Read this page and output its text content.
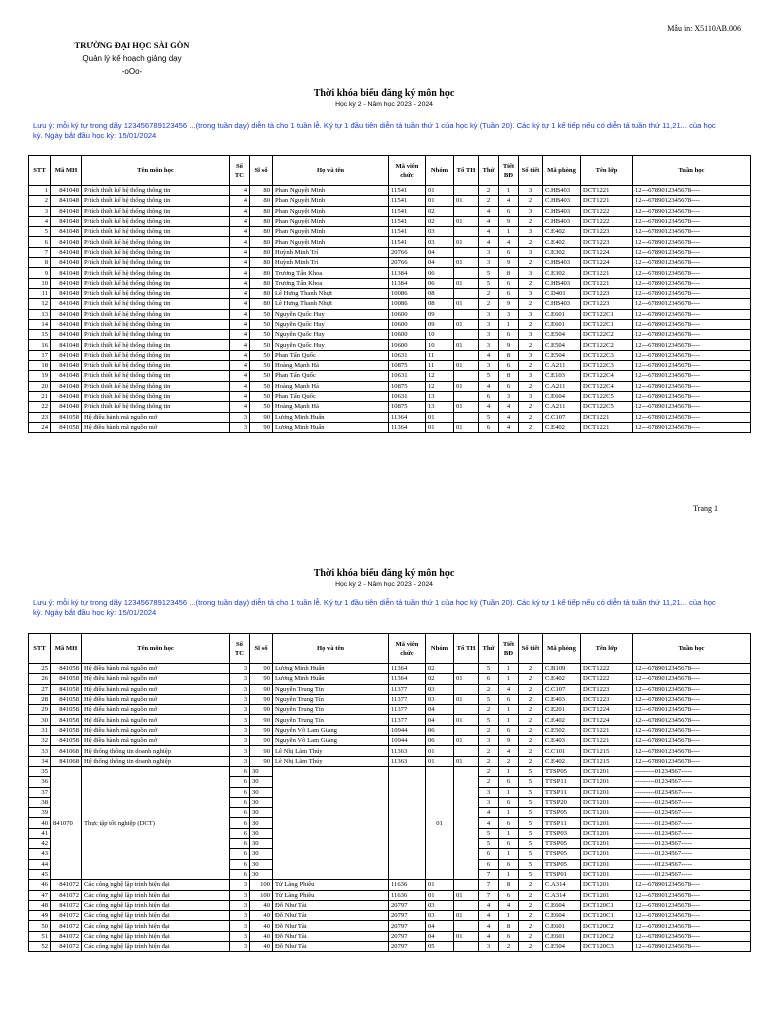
Mẫu in: X5110AB.006
TRƯỜNG ĐẠI HỌC SÀI GÒN
Quản lý kế hoạch giảng dạy
-oOo-
Thời khóa biểu đăng ký môn học
Học kỳ 2 - Năm học 2023 - 2024
Lưu ý: mỗi ký tự trong dãy 123456789123456 ...(trong tuần dạy) diễn tả cho 1 tuần lễ. Ký tự 1 đầu tiên diễn tả tuần thứ 1 của học kỳ (Tuần 20). Các ký tự 1 kế tiếp nếu có diễn tả tuần thứ 11,21... của học
kỳ. Ngày bắt đầu học kỳ: 15/01/2024
STT	Mã MH	Tên môn học	Số TC	Sĩ số	Họ và tên	Mã viên chức	Nhóm	Tổ TH	Thứ	Tiết BĐ	Số tiết	Mã phòng	Tên lớp	Tuần học
1	841048	P/tích thiết kế hệ thống thông tin	4	80	Phan Nguyệt Minh	11541	01		2	1	3	C.HB403	DCT1221	12---6789012345678----
2	841048	P/tích thiết kế hệ thống thông tin	4	80	Phan Nguyệt Minh	11541	01	01	2	4	2	C.HB403	DCT1221	12---6789012345678----
3	841048	P/tích thiết kế hệ thống thông tin	4	80	Phan Nguyệt Minh	11541	02		4	6	3	C.HB403	DCT1222	12---6789012345678----
4	841048	P/tích thiết kế hệ thống thông tin	4	80	Phan Nguyệt Minh	11541	02	01	4	9	2	C.HB403	DCT1222	12---6789012345678----
5	841048	P/tích thiết kế hệ thống thông tin	4	80	Phan Nguyệt Minh	11541	03		4	1	3	C.E402	DCT1223	12---6789012345678----
6	841048	P/tích thiết kế hệ thống thông tin	4	80	Phan Nguyệt Minh	11541	03	01	4	4	2	C.E402	DCT1223	12---6789012345678----
7	841048	P/tích thiết kế hệ thống thông tin	4	80	Huỳnh Minh Trí	20766	04		3	6	3	C.E302	DCT1224	12---6789012345678----
8	841048	P/tích thiết kế hệ thống thông tin	4	80	Huỳnh Minh Trí	20766	04	01	3	9	2	C.HB403	DCT1224	12---6789012345678----
9	841048	P/tích thiết kế hệ thống thông tin	4	80	Trương Tấn Khoa	11384	06		5	8	3	C.E302	DCT1221	12---6789012345678----
10	841048	P/tích thiết kế hệ thống thông tin	4	80	Trương Tấn Khoa	11384	06	01	5	6	2	C.HB403	DCT1221	12---6789012345678----
11	841048	P/tích thiết kế hệ thống thông tin	4	80	Lê Hưng Thanh Nhựt	10086	08		2	6	3	C.D401	DCT1223	12---6789012345678----
12	841048	P/tích thiết kế hệ thống thông tin	4	80	Lê Hưng Thanh Nhựt	10086	08	01	2	9	2	C.HB403	DCT1223	12---6789012345678----
13	841048	P/tích thiết kế hệ thống thông tin	4	50	Nguyễn Quốc Huy	10600	09		3	3	3	C.E601	DCT122C1	12---6789012345678----
14	841048	P/tích thiết kế hệ thống thông tin	4	50	Nguyễn Quốc Huy	10600	09	01	3	1	2	C.E601	DCT122C1	12---6789012345678----
15	841048	P/tích thiết kế hệ thống thông tin	4	50	Nguyễn Quốc Huy	10600	10		3	6	3	C.E504	DCT122C2	12---6789012345678----
16	841048	P/tích thiết kế hệ thống thông tin	4	50	Nguyễn Quốc Huy	10600	10	01	3	9	2	C.E504	DCT122C2	12---6789012345678----
17	841048	P/tích thiết kế hệ thống thông tin	4	50	Phan Tấn Quốc	10631	11		4	8	3	C.E504	DCT122C3	12---6789012345678----
18	841048	P/tích thiết kế hệ thống thông tin	4	50	Hoàng Mạnh Hà	10875	11	01	3	6	2	C.A211	DCT122C3	12---6789012345678----
19	841048	P/tích thiết kế hệ thống thông tin	4	50	Phan Tấn Quốc	10631	12		5	8	3	C.E103	DCT122C4	12---6789012345678----
20	841048	P/tích thiết kế hệ thống thông tin	4	50	Hoàng Mạnh Hà	10875	12	01	4	6	2	C.A211	DCT122C4	12---6789012345678----
21	841048	P/tích thiết kế hệ thống thông tin	4	50	Phan Tấn Quốc	10631	13		6	3	3	C.E604	DCT122C5	12---6789012345678----
22	841048	P/tích thiết kế hệ thống thông tin	4	50	Hoàng Mạnh Hà	10875	13	01	4	4	2	C.A211	DCT122C5	12---6789012345678----
23	841058	Hệ điều hành mã nguồn mở	3	90	Lương Minh Huấn	11364	01		5	4	2	C.C107	DCT1221	12---6789012345678----
24	841058	Hệ điều hành mã nguồn mở	3	90	Lương Minh Huấn	11364	01	01	6	4	2	C.E402	DCT1221	12---6789012345678----
Trang 1
Thời khóa biểu đăng ký môn học
Học kỳ 2 - Năm học 2023 - 2024
Lưu ý: mỗi ký tự trong dãy 123456789123456 ...(trong tuần dạy) diễn tả cho 1 tuần lễ. Ký tự 1 đầu tiên diễn tả tuần thứ 1 của học kỳ (Tuần 20). Các ký tự 1 kế tiếp nếu có diễn tả tuần thứ 11,21... của học
kỳ. Ngày bắt đầu học kỳ: 15/01/2024
STT	Mã MH	Tên môn học	Số TC	Sĩ số	Họ và tên	Mã viên chức	Nhóm	Tổ TH	Thứ	Tiết BĐ	Số tiết	Mã phòng	Tên lớp	Tuần học
25	841058	Hệ điều hành mã nguồn mở	3	90	Lương Minh Huấn	11364	02		5	1	2	C.B109	DCT1222	12---6789012345678----
26	841058	Hệ điều hành mã nguồn mở	3	90	Lương Minh Huấn	11364	02	01	6	1	2	C.E402	DCT1222	12---6789012345678----
27	841058	Hệ điều hành mã nguồn mở	3	90	Nguyễn Trung Tín	11377	03		2	4	2	C.C107	DCT1223	12---6789012345678----
28	841058	Hệ điều hành mã nguồn mở	3	90	Nguyễn Trung Tín	11377	03	01	5	6	2	C.E403	DCT1223	12---6789012345678----
29	841058	Hệ điều hành mã nguồn mở	3	90	Nguyễn Trung Tín	11377	04		2	1	2	C.E201	DCT1224	12---6789012345678----
30	841058	Hệ điều hành mã nguồn mở	3	90	Nguyễn Trung Tín	11377	04	01	5	1	2	C.E402	DCT1224	12---6789012345678----
31	841058	Hệ điều hành mã nguồn mở	3	90	Nguyễn Võ Lam Giang	10944	06		2	6	2	C.E502	DCT1221	12---6789012345678----
32	841058	Hệ điều hành mã nguồn mở	3	90	Nguyễn Võ Lam Giang	10944	06	01	3	9	2	C.E403	DCT1221	12---6789012345678----
33	841068	Hệ thống thông tin doanh nghiệp	3	90	Lê Nhị Lãm Thúy	11363	01		2	4	2	C.C101	DCT1215	12---6789012345678----
34	841068	Hệ thống thông tin doanh nghiệp	3	90	Lê Nhị Lãm Thúy	11363	01	01	2	2	2	C.E402	DCT1215	12---6789012345678----
35	841070	Thực tập tốt nghiệp (DCT)	6	30			01		2	1	5	TTSP05	DCT1201	---------01234567-----
36			6	30					2	6	5	TTSP11	DCT1201	---------01234567-----
37			6	30					3	1	5	TTSP11	DCT1201	---------01234567-----
38			6	30					3	6	5	TTSP20	DCT1201	---------01234567-----
39			6	30					4	1	5	TTSP05	DCT1201	---------01234567-----
40			6	30					4	6	5	TTSP11	DCT1201	---------01234567-----
41			6	30					5	1	5	TTSP03	DCT1201	---------01234567-----
42			6	30					5	6	5	TTSP05	DCT1201	---------01234567-----
43			6	30					6	1	5	TTSP05	DCT1201	---------01234567-----
44			6	30					6	6	5	TTSP05	DCT1201	---------01234567-----
45			6	30					7	1	5	TTSP01	DCT1201	---------01234567-----
46	841072	Các công nghệ lập trình hiện đại	3	100	Từ Lãng Phiêu	11636	01		7	8	2	C.A314	DCT1201	12---6789012345678----
47	841072	Các công nghệ lập trình hiện đại	3	100	Từ Lãng Phiêu	11636	01	01	7	6	2	C.A314	DCT1201	12---6789012345678----
48	841072	Các công nghệ lập trình hiện đại	3	40	Đỗ Như Tài	20797	03		4	4	2	C.E604	DCT120C1	12---6789012345678----
49	841072	Các công nghệ lập trình hiện đại	3	40	Đỗ Như Tài	20797	03	01	4	1	2	C.E604	DCT120C1	12---6789012345678----
50	841072	Các công nghệ lập trình hiện đại	3	40	Đỗ Như Tài	20797	04		4	8	2	C.E601	DCT120C2	12---6789012345678----
51	841072	Các công nghệ lập trình hiện đại	3	40	Đỗ Như Tài	20797	04	01	4	6	2	C.E601	DCT120C2	12---6789012345678----
52	841072	Các công nghệ lập trình hiện đại	3	40	Đỗ Như Tài	20797	05		3	2	2	C.E504	DCT120C3	12---6789012345678----
